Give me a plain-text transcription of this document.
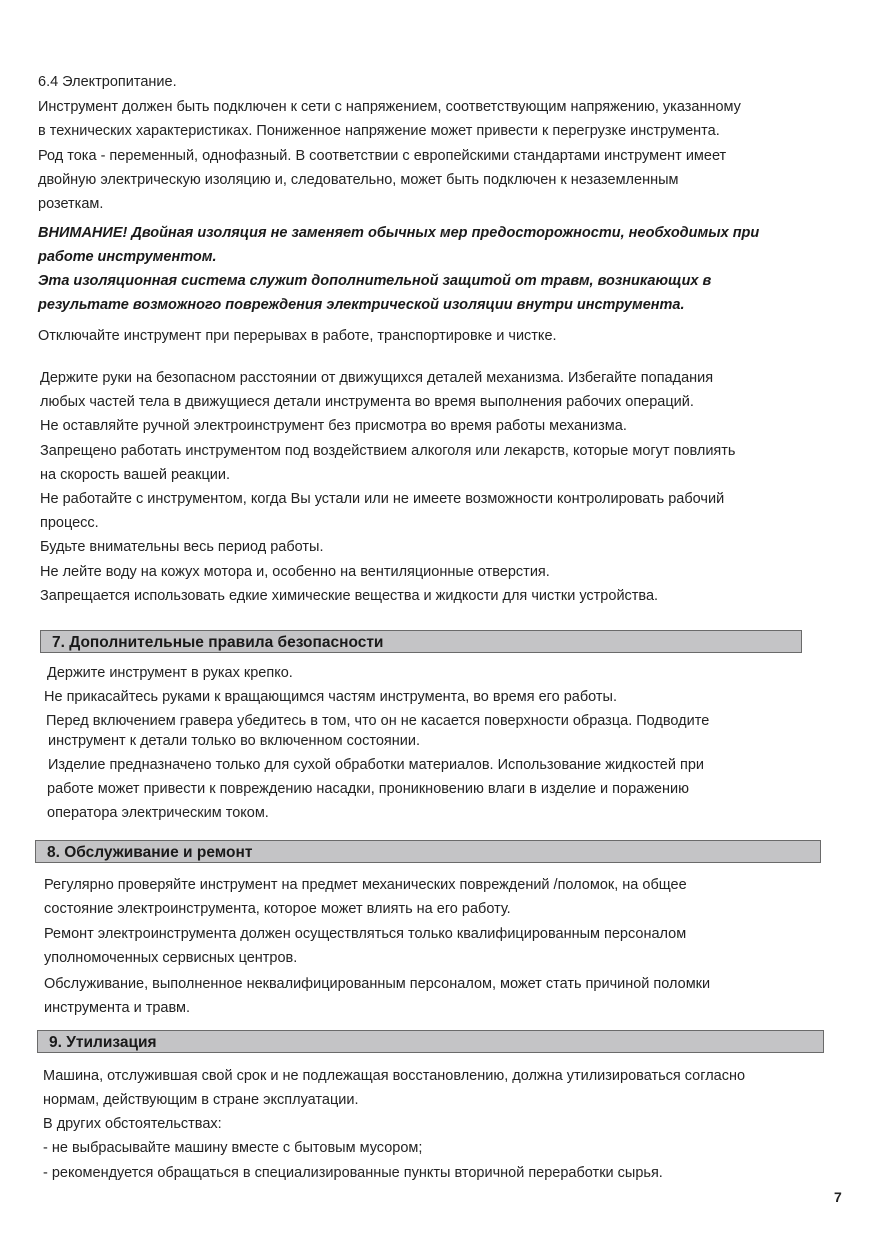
6.4 Электропитание.
Инструмент должен быть подключен к сети с напряжением, соответствующим напряжению, указанному
в технических характеристиках. Пониженное напряжение может привести к перегрузке инструмента.
Род тока - переменный, однофазный. В соответствии с европейскими стандартами инструмент имеет
двойную электрическую изоляцию и, следовательно, может быть подключен к незаземленным
розеткам.
ВНИМАНИЕ! Двойная изоляция не заменяет обычных мер предосторожности, необходимых при
работе инструментом.
Эта изоляционная система служит дополнительной защитой от травм, возникающих в
результате возможного повреждения электрической изоляции внутри инструмента.
Отключайте инструмент при перерывах в работе, транспортировке и чистке.
Держите руки на безопасном расстоянии от движущихся деталей механизма. Избегайте попадания
любых частей тела в движущиеся детали инструмента во время выполнения рабочих операций.
Не оставляйте ручной электроинструмент без присмотра во время работы механизма.
Запрещено работать инструментом под воздействием алкоголя или лекарств, которые могут повлиять
на скорость вашей реакции.
Не работайте с инструментом, когда Вы устали или не имеете возможности контролировать рабочий
процесс.
Будьте внимательны весь период работы.
Не лейте воду на кожух мотора и, особенно на вентиляционные отверстия.
Запрещается использовать едкие химические вещества и жидкости для чистки устройства.
7. Дополнительные правила безопасности
Держите инструмент в руках крепко.
Не прикасайтесь руками к вращающимся частям инструмента, во время его работы.
Перед включением гравера убедитесь в том, что он не касается поверхности образца. Подводите
инструмент к детали только во включенном состоянии.
Изделие предназначено только для сухой обработки материалов. Использование жидкостей при
работе может привести к повреждению насадки, проникновению влаги в изделие и поражению
оператора электрическим током.
8. Обслуживание и ремонт
Регулярно проверяйте инструмент на предмет механических повреждений /поломок, на общее
состояние электроинструмента, которое может влиять на его работу.
Ремонт электроинструмента должен осуществляться только квалифицированным персоналом
уполномоченных сервисных центров.
Обслуживание, выполненное неквалифицированным персоналом, может стать причиной поломки
инструмента и травм.
9. Утилизация
Машина, отслужившая свой срок и не подлежащая восстановлению, должна утилизироваться согласно
нормам, действующим в стране эксплуатации.
В других обстоятельствах:
- не выбрасывайте машину вместе с бытовым мусором;
- рекомендуется обращаться в специализированные пункты вторичной переработки сырья.
7
